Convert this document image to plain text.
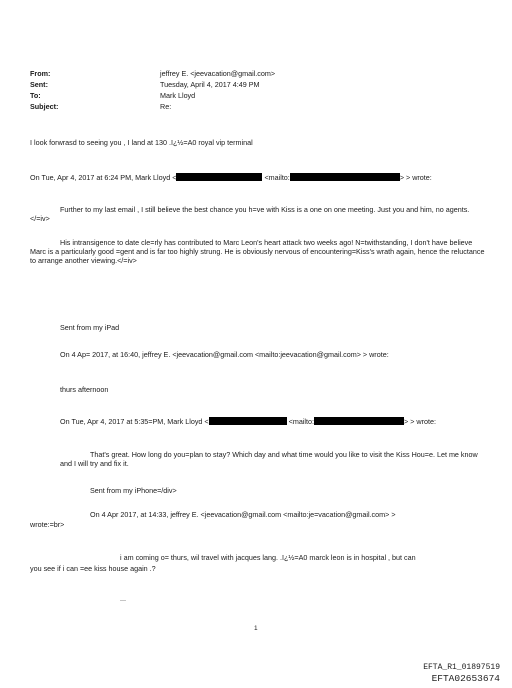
From:	jeffrey E. <jeevacation@gmail.com>
Sent:	Tuesday, April 4, 2017 4:49 PM
To:	Mark Lloyd
Subject:	Re:
I look forwrasd to seeing you , I land at 130 .ï¿½=A0 royal vip terminal
On Tue, Apr 4, 2017 at 6:24 PM, Mark Lloyd <	<mailto:	> > wrote:
Further to my last email , I still believe the best chance you h=ve with Kiss is a one on one meeting. Just you and him, no agents. </=iv>
His intransigence to date cle=rly has contributed to Marc Leon's heart attack two weeks ago! N=twithstanding, I don't have believe Marc is a particularly good =gent and is far too highly strung. He is obviously nervous of encountering=Kiss's wrath again, hence the reluctance to arrange another viewing.</=iv>
Sent from my iPad
On 4 Ap= 2017, at 16:40, jeffrey E. <jeevacation@gmail.com <mailto:jeevacation@gmail.com> > wrote:
thurs afternoon
On Tue, Apr 4, 2017 at 5:35=PM, Mark Lloyd <	<mailto:	> > wrote:
That's great. How long do you=plan to stay? Which day and what time would you like to visit the Kiss Hou=e. Let me know and I will try and fix it.
Sent from my iPhone=/div>
On 4 Apr 2017, at 14:33, jeffrey E. <jeevacation@gmail.com <mailto:je=vacation@gmail.com> >
wrote:=br>
i am coming o= thurs, wil travel with jacques lang. .ï¿½=A0 marck leon is in hospital , but can
you see if i can =ee kiss house again .?
...
1
EFTA_R1_01897519
EFTA02653674
